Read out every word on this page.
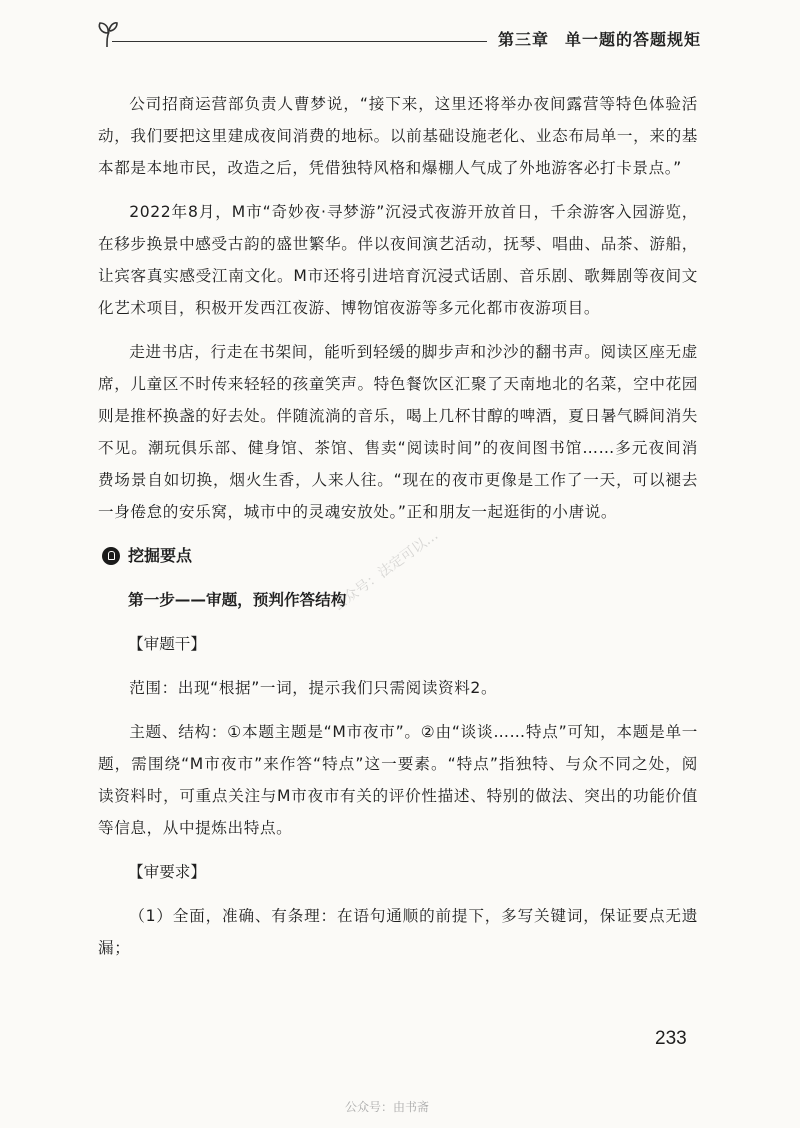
第三章 单一题的答题规矩

公司招商运营部负责人曹梦说，“接下来，这里还将举办夜间露营等特色体验活动，我们要把这里建成夜间消费的地标。以前基础设施老化、业态布局单一，来的基本都是本地市民，改造之后，凭借独特风格和爆棚人气成了外地游客必打卡景点。”

2022年8月，M市“奇妙夜·寻梦游”沉浸式夜游开放首日，千余游客入园游览，在移步换景中感受古韵的盛世繁华。伴以夜间演艺活动，抚琴、唱曲、品茶、游船，让宾客真实感受江南文化。M市还将引进培育沉浸式话剧、音乐剧、歌舞剧等夜间文化艺术项目，积极开发西江夜游、博物馆夜游等多元化都市夜游项目。

走进书店，行走在书架间，能听到轻缓的脚步声和沙沙的翻书声。阅读区座无虚席，儿童区不时传来轻轻的孩童笑声。特色餐饮区汇聚了天南地北的名菜，空中花园则是推杯换盏的好去处。伴随流淌的音乐，喝上几杯甘醇的啤酒，夏日暑气瞬间消失不见。潮玩俱乐部、健身馆、茶馆、售卖“阅读时间”的夜间图书馆……多元夜间消费场景自如切换，烟火生香，人来人往。“现在的夜市更像是工作了一天，可以褪去一身倦怠的安乐窝，城市中的灵魂安放处。”正和朋友一起逛街的小唐说。

挖掘要点

第一步——审题，预判作答结构

【审题干】

范围：出现“根据”一词，提示我们只需阅读资料2。

主题、结构：①本题主题是“M市夜市”。②由“谈谈……特点”可知，本题是单一题，需围绕“M市夜市”来作答“特点”这一要素。“特点”指独特、与众不同之处，阅读资料时，可重点关注与M市夜市有关的评价性描述、特别的做法、突出的功能价值等信息，从中提炼出特点。

【审要求】

（1）全面，准确、有条理：在语句通顺的前提下，多写关键词，保证要点无遗漏；

公众号：法定可以…
233
公众号：由书斋
